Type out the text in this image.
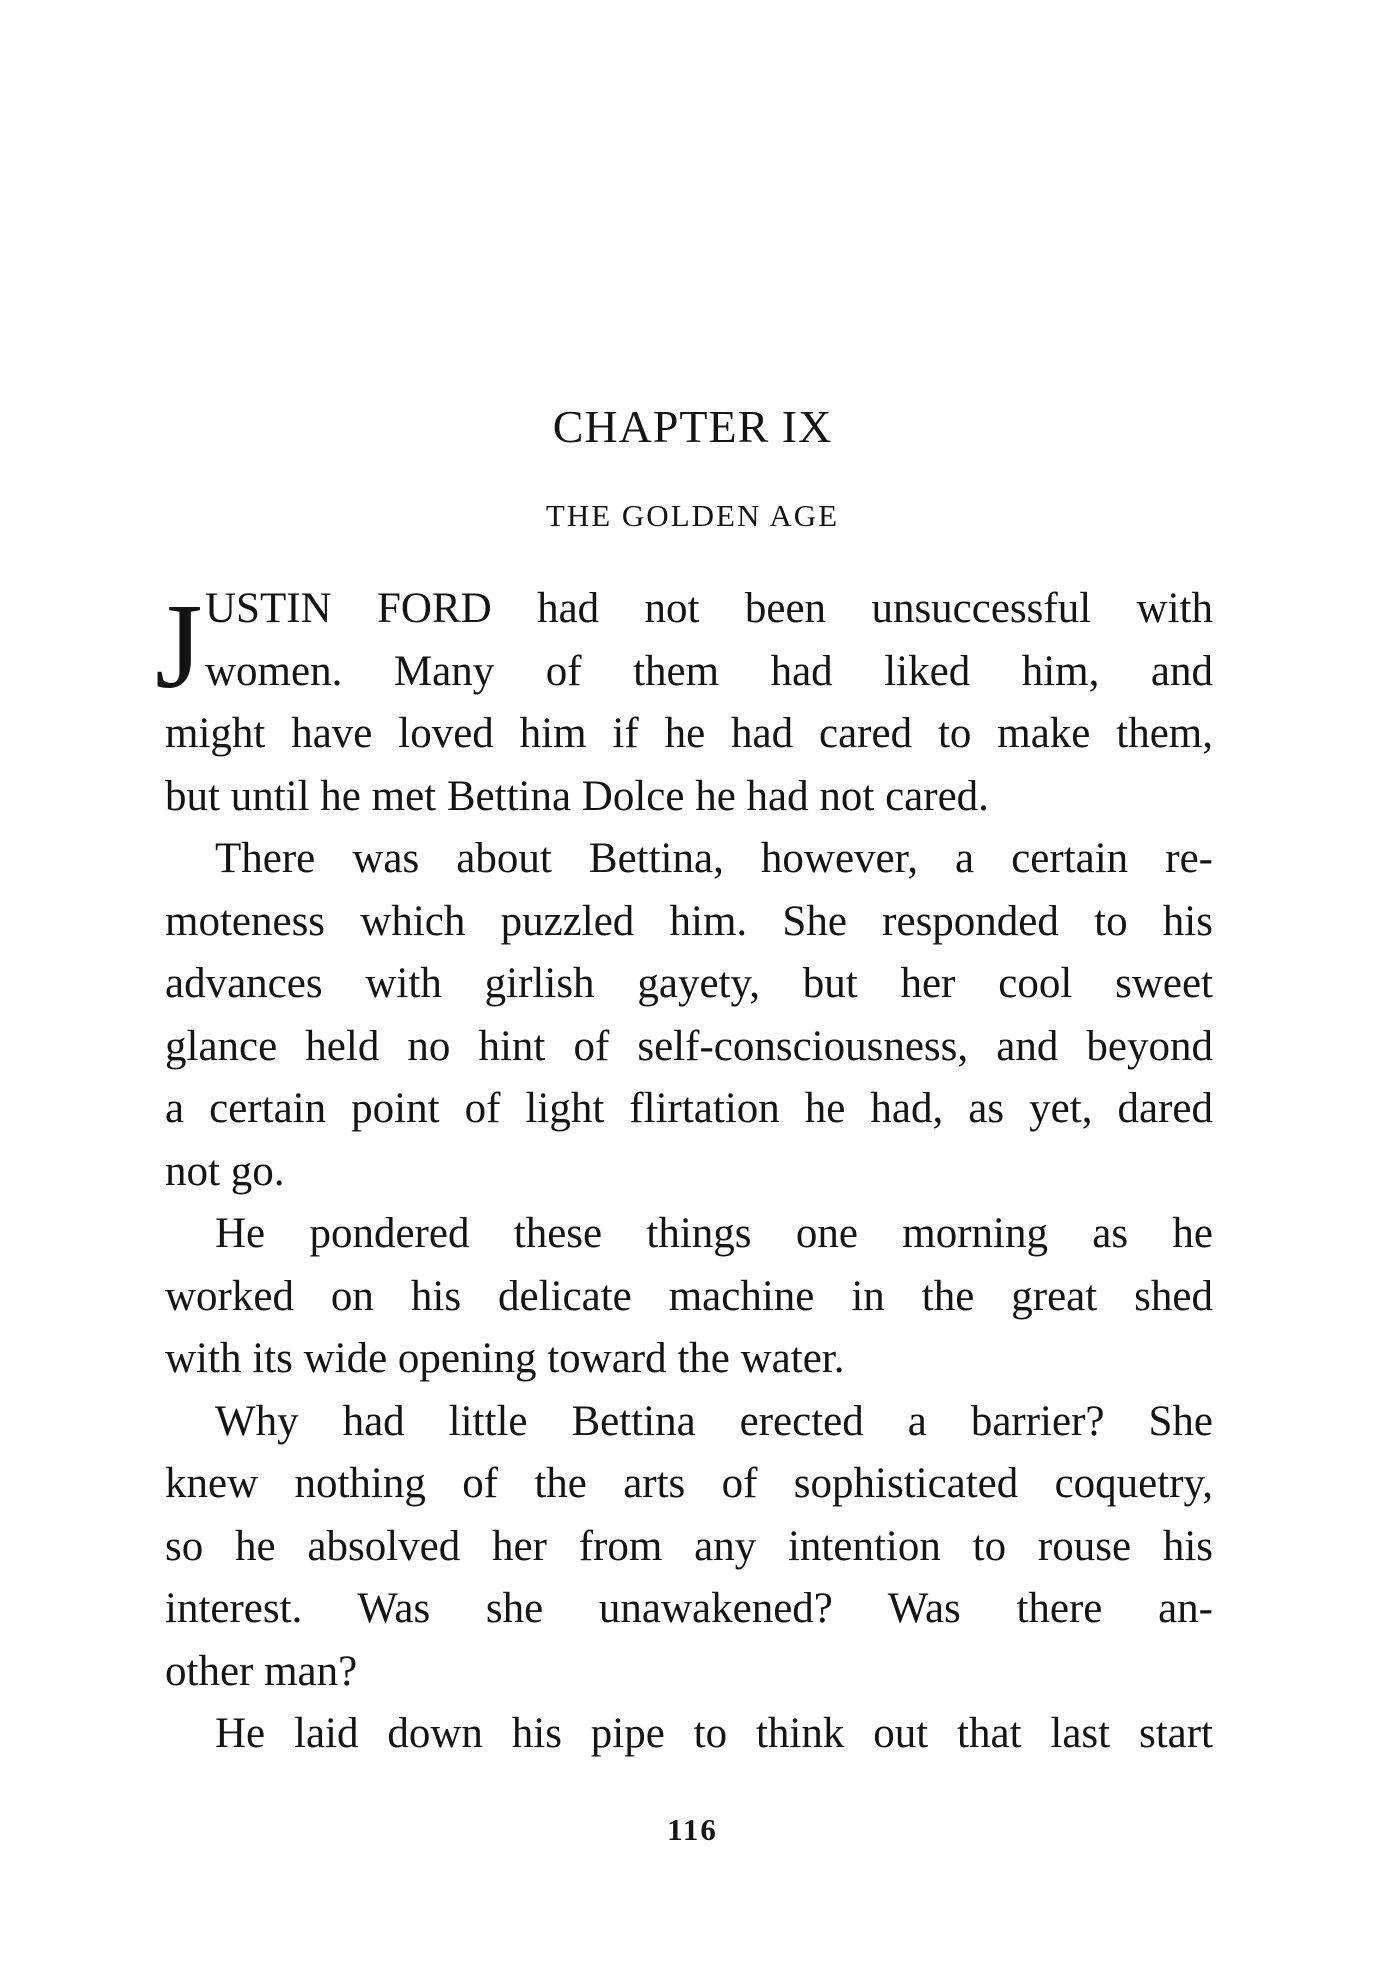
CHAPTER IX
THE GOLDEN AGE
J USTIN FORD had not been unsuccessful with
women. Many of them had liked him, and
might have loved him if he had cared to make them,
but until he met Bettina Dolce he had not cared.
There was about Bettina, however, a certain re-
moteness which puzzled him. She responded to his
advances with girlish gayety, but her cool sweet
glance held no hint of self-consciousness, and beyond
a certain point of light flirtation he had, as yet, dared
not go.
He pondered these things one morning as he
worked on his delicate machine in the great shed
with its wide opening toward the water.
Why had little Bettina erected a barrier? She
knew nothing of the arts of sophisticated coquetry,
so he absolved her from any intention to rouse his
interest. Was she unawakened? Was there an-
other man?
He laid down his pipe to think out that last start
116
